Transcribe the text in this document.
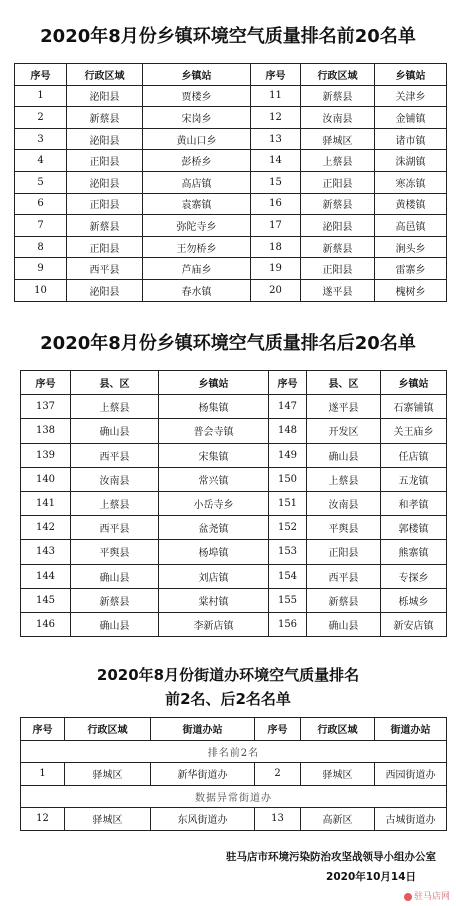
2020年8月份乡镇环境空气质量排名前20名单
序号	行政区域	乡镇站	序号	行政区域	乡镇站
1	泌阳县	贾楼乡	11	新蔡县	关津乡
2	新蔡县	宋岗乡	12	汝南县	金铺镇
3	泌阳县	黄山口乡	13	驿城区	诸市镇
4	正阳县	彭桥乡	14	上蔡县	洙湖镇
5	泌阳县	高店镇	15	正阳县	寒冻镇
6	正阳县	袁寨镇	16	新蔡县	黄楼镇
7	新蔡县	弥陀寺乡	17	泌阳县	高邑镇
8	正阳县	王勿桥乡	18	新蔡县	涧头乡
9	西平县	芦庙乡	19	正阳县	雷寨乡
10	泌阳县	春水镇	20	遂平县	槐树乡
2020年8月份乡镇环境空气质量排名后20名单
序号	县、区	乡镇站	序号	县、区	乡镇站
137	上蔡县	杨集镇	147	遂平县	石寨铺镇
138	确山县	普会寺镇	148	开发区	关王庙乡
139	西平县	宋集镇	149	确山县	任店镇
140	汝南县	常兴镇	150	上蔡县	五龙镇
141	上蔡县	小岳寺乡	151	汝南县	和孝镇
142	西平县	盆尧镇	152	平舆县	郭楼镇
143	平舆县	杨埠镇	153	正阳县	熊寨镇
144	确山县	刘店镇	154	西平县	专探乡
145	新蔡县	棠村镇	155	新蔡县	栎城乡
146	确山县	李新店镇	156	确山县	新安店镇
2020年8月份街道办环境空气质量排名
前2名、后2名名单
序号	行政区域	街道办站	序号	行政区域	街道办站
排名前2名					
1	驿城区	新华街道办	2	驿城区	西园街道办
数据异常街道办					
12	驿城区	东风街道办	13	高新区	古城街道办
驻马店市环境污染防治攻坚战领导小组办公室
2020年10月14日
驻马店网
